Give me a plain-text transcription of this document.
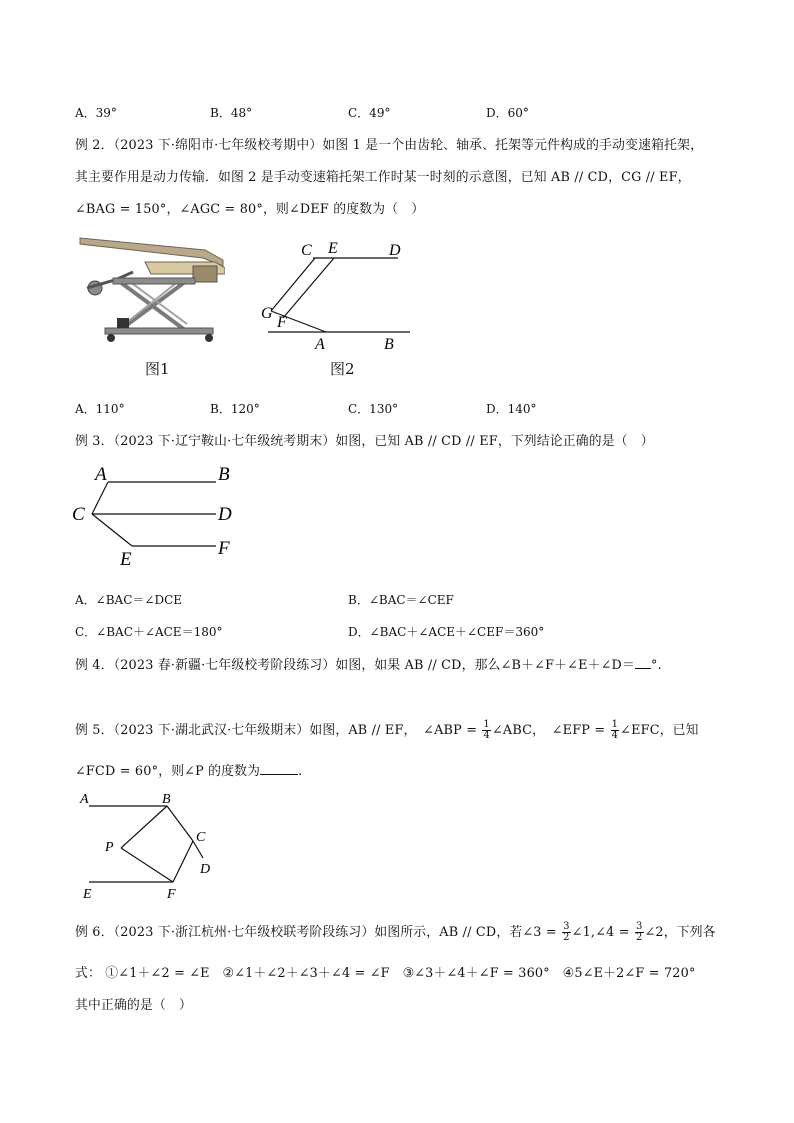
A．39°	B．48°	C．49°	D．60°
例 2．（2023 下·绵阳市·七年级校考期中）如图 1 是一个由齿轮、轴承、托架等元件构成的手动变速箱托架，
其主要作用是动力传输．如图 2 是手动变速箱托架工作时某一时刻的示意图，已知 AB // CD，CG // EF，
∠BAG = 150°，∠AGC = 80°，则∠DEF 的度数为（　）
图1
C E	D
G
F
A	B
图2
A．110°	B．120°	C．130°	D．140°
例 3．（2023 下·辽宁鞍山·七年级统考期末）如图，已知 AB // CD // EF，下列结论正确的是（　）
A	B
C	D
E
F
A．∠BAC＝∠DCE	B．∠BAC＝∠CEF
C．∠BAC＋∠ACE＝180°	D．∠BAC＋∠ACE＋∠CEF＝360°
例 4．（2023 春·新疆·七年级校考阶段练习）如图，如果 AB // CD，那么∠B＋∠F＋∠E＋∠D＝ °.
例 5．（2023 下·湖北武汉·七年级期末）如图，AB // EF，　∠ABP = $\frac{1}{4}$ ∠ABC，　∠EFP = $\frac{1}{4}$ ∠EFC，已知
∠FCD = 60°，则∠P 的度数为	.
A	B
C
P
D
E	F
例 6．（2023 下·浙江杭州·七年级校联考阶段练习）如图所示，AB // CD，若∠3 = $\frac{3}{2}$ ∠1,∠4 = $\frac{3}{2}$ ∠2，下列各
式： ①∠1＋∠2 = ∠E ②∠1＋∠2＋∠3＋∠4 = ∠F ③∠3＋∠4＋∠F = 360° ④5∠E＋2∠F = 720°
其中正确的是（　）
